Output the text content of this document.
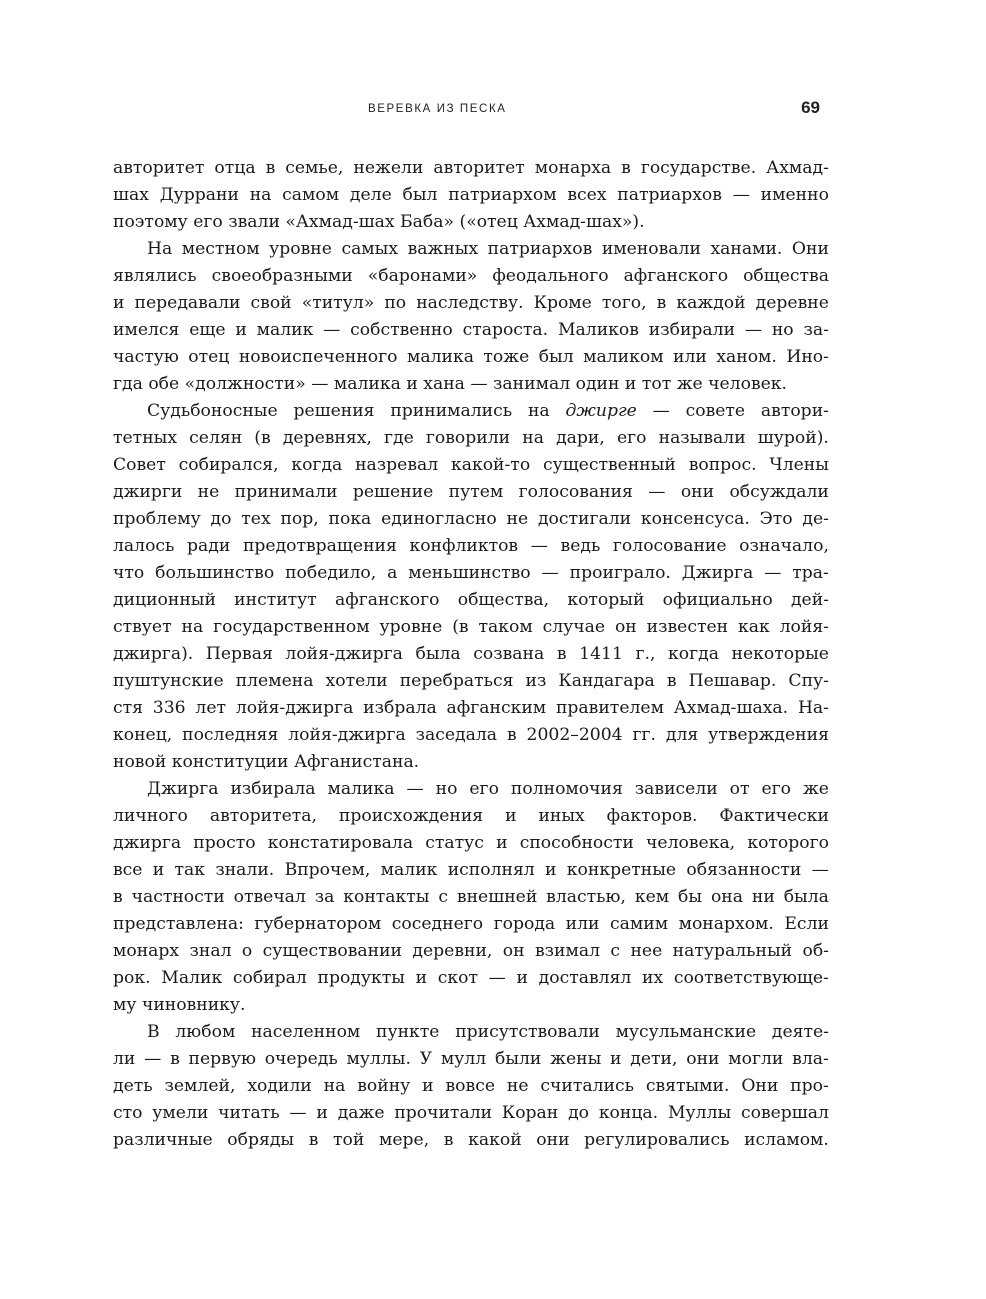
ВЕРЕВКА ИЗ ПЕСКА	69
авторитет отца в семье, нежели авторитет монарха в государстве. Ахмад-
шах Дуррани на самом деле был патриархом всех патриархов — именно
поэтому его звали «Ахмад-шах Баба» («отец Ахмад-шах»).
На местном уровне самых важных патриархов именовали ханами. Они
являлись своеобразными «баронами» феодального афганского общества
и передавали свой «титул» по наследству. Кроме того, в каждой деревне
имелся еще и малик — собственно староста. Маликов избирали — но за-
частую отец новоиспеченного малика тоже был маликом или ханом. Ино-
гда обе «должности» — малика и хана — занимал один и тот же человек.
Судьбоносные решения принимались на джирге — совете автори-
тетных селян (в деревнях, где говорили на дари, его называли шурой).
Совет собирался, когда назревал какой-то существенный вопрос. Члены
джирги не принимали решение путем голосования — они обсуждали
проблему до тех пор, пока единогласно не достигали консенсуса. Это де-
лалось ради предотвращения конфликтов — ведь голосование означало,
что большинство победило, а меньшинство — проиграло. Джирга — тра-
диционный институт афганского общества, который официально дей-
ствует на государственном уровне (в таком случае он известен как лойя-
джирга). Первая лойя-джирга была созвана в 1411 г., когда некоторые
пуштунские племена хотели перебраться из Кандагара в Пешавар. Спу-
стя 336 лет лойя-джирга избрала афганским правителем Ахмад-шаха. На-
конец, последняя лойя-джирга заседала в 2002–2004 гг. для утверждения
новой конституции Афганистана.
Джирга избирала малика — но его полномочия зависели от его же
личного авторитета, происхождения и иных факторов. Фактически
джирга просто констатировала статус и способности человека, которого
все и так знали. Впрочем, малик исполнял и конкретные обязанности —
в частности отвечал за контакты с внешней властью, кем бы она ни была
представлена: губернатором соседнего города или самим монархом. Если
монарх знал о существовании деревни, он взимал с нее натуральный об-
рок. Малик собирал продукты и скот — и доставлял их соответствующе-
му чиновнику.
В любом населенном пункте присутствовали мусульманские деяте-
ли — в первую очередь муллы. У мулл были жены и дети, они могли вла-
деть землей, ходили на войну и вовсе не считались святыми. Они про-
сто умели читать — и даже прочитали Коран до конца. Муллы совершал
различные обряды в той мере, в какой они регулировались исламом.
